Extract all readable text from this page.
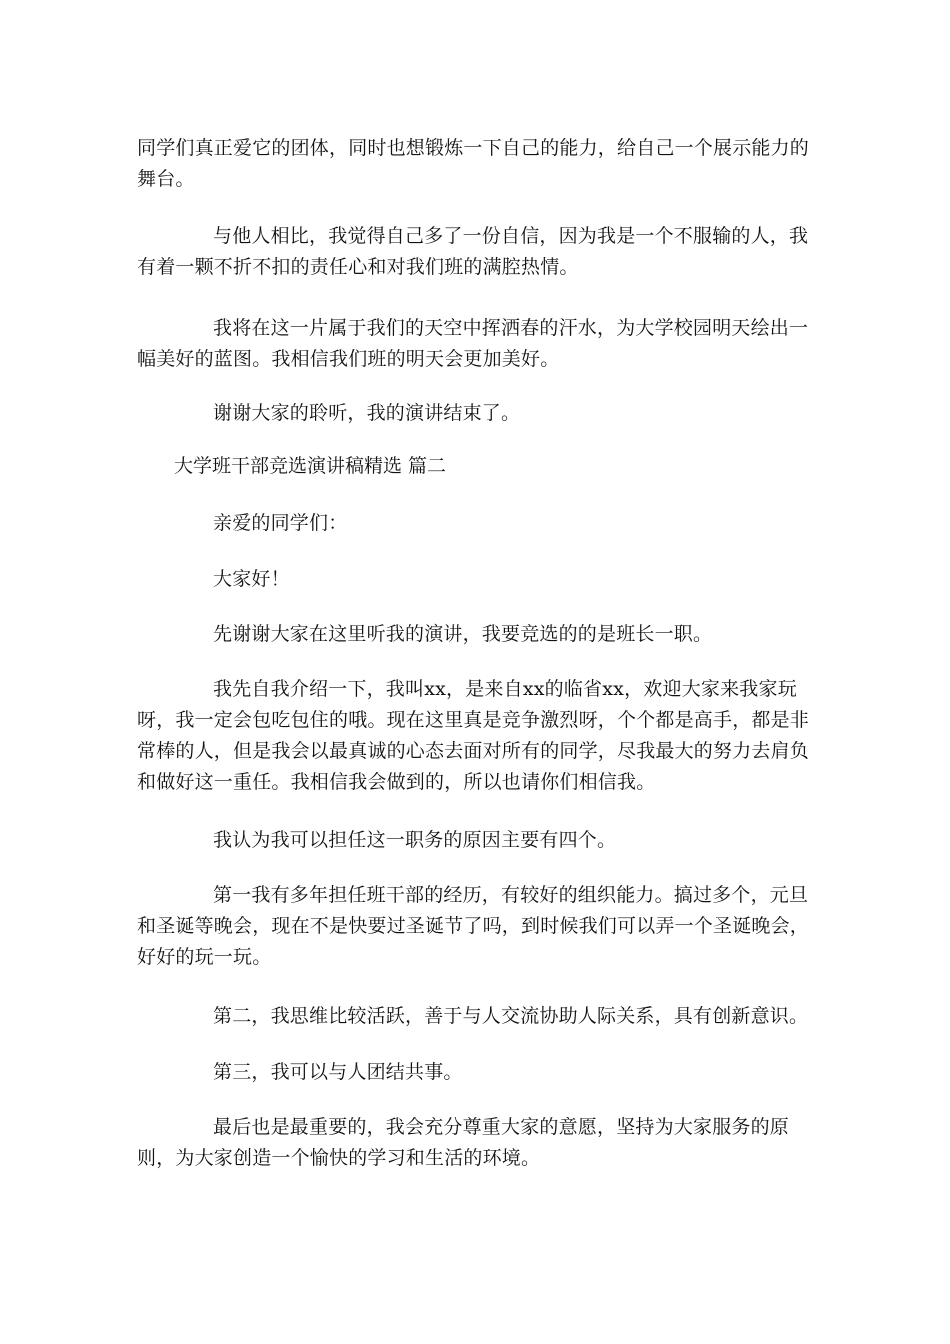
同学们真正爱它的团体，同时也想锻炼一下自己的能力，给自己一个展示能力的舞台。

与他人相比，我觉得自己多了一份自信，因为我是一个不服输的人，我有着一颗不折不扣的责任心和对我们班的满腔热情。

我将在这一片属于我们的天空中挥洒春的汗水，为大学校园明天绘出一幅美好的蓝图。我相信我们班的明天会更加美好。

谢谢大家的聆听，我的演讲结束了。

大学班干部竞选演讲稿精选 篇二

亲爱的同学们：

大家好！

先谢谢大家在这里听我的演讲，我要竞选的的是班长一职。

我先自我介绍一下，我叫xx，是来自xx的临省xx，欢迎大家来我家玩呀，我一定会包吃包住的哦。现在这里真是竞争激烈呀，个个都是高手，都是非常棒的人，但是我会以最真诚的心态去面对所有的同学，尽我最大的努力去肩负和做好这一重任。我相信我会做到的，所以也请你们相信我。

我认为我可以担任这一职务的原因主要有四个。

第一我有多年担任班干部的经历，有较好的组织能力。搞过多个，元旦和圣诞等晚会，现在不是快要过圣诞节了吗，到时候我们可以弄一个圣诞晚会，好好的玩一玩。

第二，我思维比较活跃，善于与人交流协助人际关系，具有创新意识。

第三，我可以与人团结共事。

最后也是最重要的，我会充分尊重大家的意愿，坚持为大家服务的原则，为大家创造一个愉快的学习和生活的环境。
